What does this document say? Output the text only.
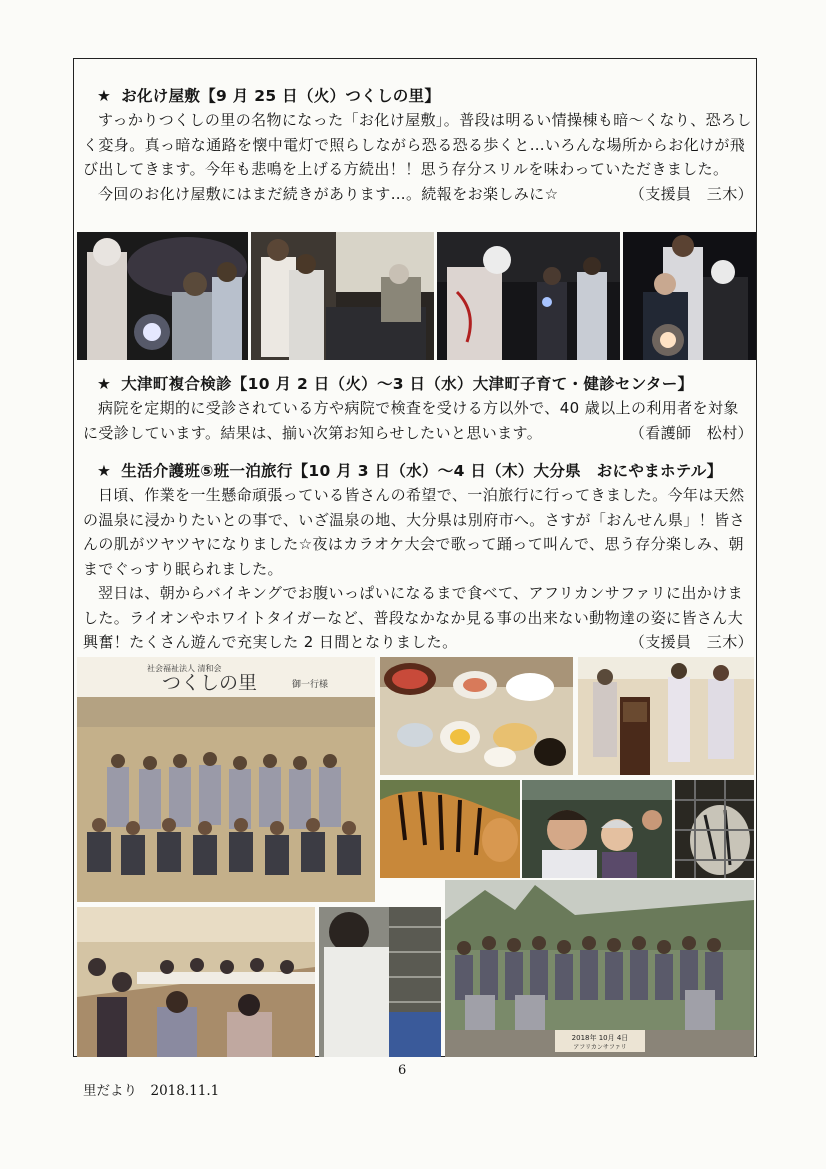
★ お化け屋敷【9 月 25 日（火）つくしの里】

すっかりつくしの里の名物になった「お化け屋敷」。普段は明るい情操棟も暗～くなり、恐ろしく変身。真っ暗な通路を懐中電灯で照らしながら恐る恐る歩くと…いろんな場所からお化けが飛び出してきます。今年も悲鳴を上げる方続出！！思う存分スリルを味わっていただきました。

今回のお化け屋敷にはまだ続きがあります…。続報をお楽しみに☆	（支援員　三木）
★ 大津町複合検診【10 月 2 日（火）～3 日（水）大津町子育て・健診センター】

病院を定期的に受診されている方や病院で検査を受ける方以外で、40 歳以上の利用者を対象に受診しています。結果は、揃い次第お知らせしたいと思います。	（看護師　松村）

★ 生活介護班⑤班一泊旅行【10 月 3 日（水）～4 日（木）大分県　おにやまホテル】

日頃、作業を一生懸命頑張っている皆さんの希望で、一泊旅行に行ってきました。今年は天然の温泉に浸かりたいとの事で、いざ温泉の地、大分県は別府市へ。さすが「おんせん県」！皆さんの肌がツヤツヤになりました☆夜はカラオケ大会で歌って踊って叫んで、思う存分楽しみ、朝までぐっすり眠られました。

翌日は、朝からバイキングでお腹いっぱいになるまで食べて、アフリカンサファリに出かけました。ライオンやホワイトタイガーなど、普段なかなか見る事の出来ない動物達の姿に皆さん大興奮！たくさん遊んで充実した 2 日間となりました。	（支援員　三木）

社会福祉法人 清和会
つくしの里	御一行様
2018年 10月 4日
アフリカンサファリ
6
里だより　2018.11.1
